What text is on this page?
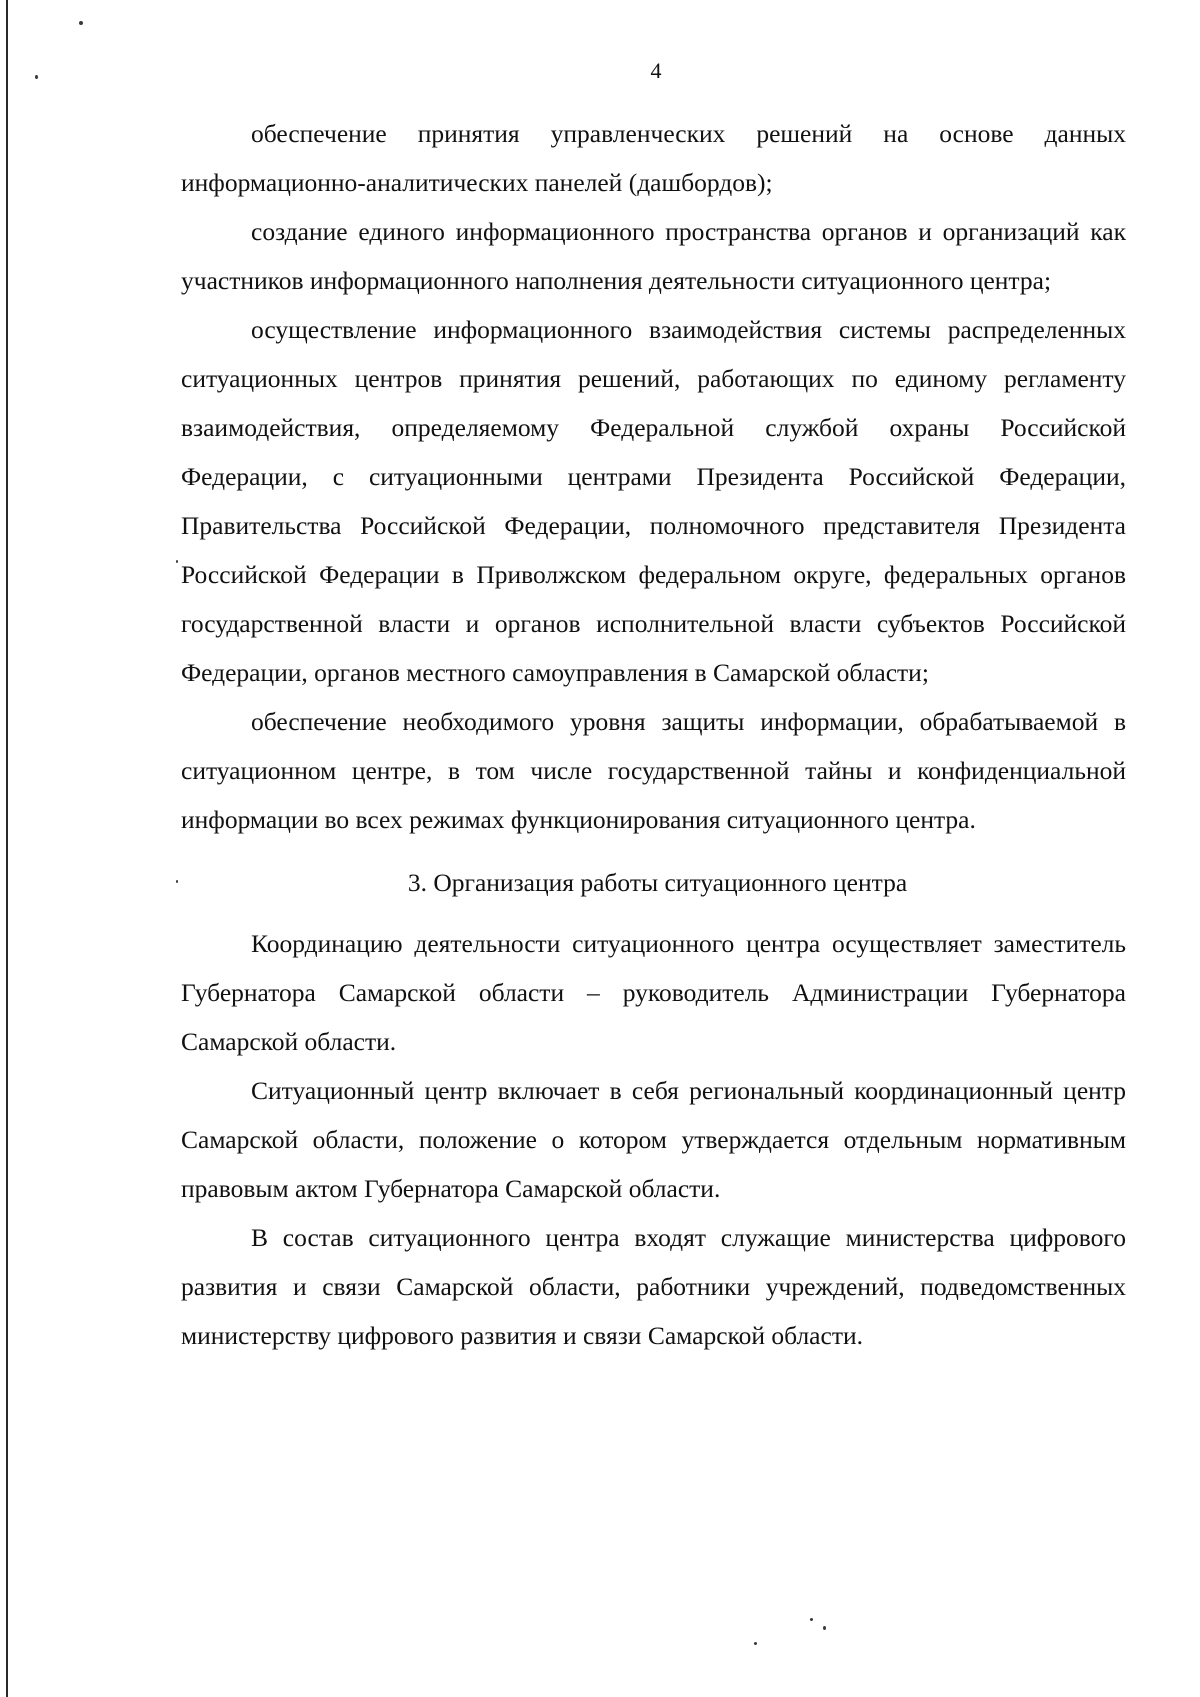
4

обеспечение принятия управленческих решений на основе данных информационно-аналитических панелей (дашбордов);

создание единого информационного пространства органов и организаций как участников информационного наполнения деятельности ситуационного центра;

осуществление информационного взаимодействия системы распределенных ситуационных центров принятия решений, работающих по единому регламенту взаимодействия, определяемому Федеральной службой охраны Российской Федерации, с ситуационными центрами Президента Российской Федерации, Правительства Российской Федерации, полномочного представителя Президента Российской Федерации в Приволжском федеральном округе, федеральных органов государственной власти и органов исполнительной власти субъектов Российской Федерации, органов местного самоуправления в Самарской области;

обеспечение необходимого уровня защиты информации, обрабатываемой в ситуационном центре, в том числе государственной тайны и конфиденциальной информации во всех режимах функционирования ситуационного центра.

3. Организация работы ситуационного центра

Координацию деятельности ситуационного центра осуществляет заместитель Губернатора Самарской области – руководитель Администрации Губернатора Самарской области.

Ситуационный центр включает в себя региональный координационный центр Самарской области, положение о котором утверждается отдельным нормативным правовым актом Губернатора Самарской области.

В состав ситуационного центра входят служащие министерства цифрового развития и связи Самарской области, работники учреждений, подведомственных министерству цифрового развития и связи Самарской области.
